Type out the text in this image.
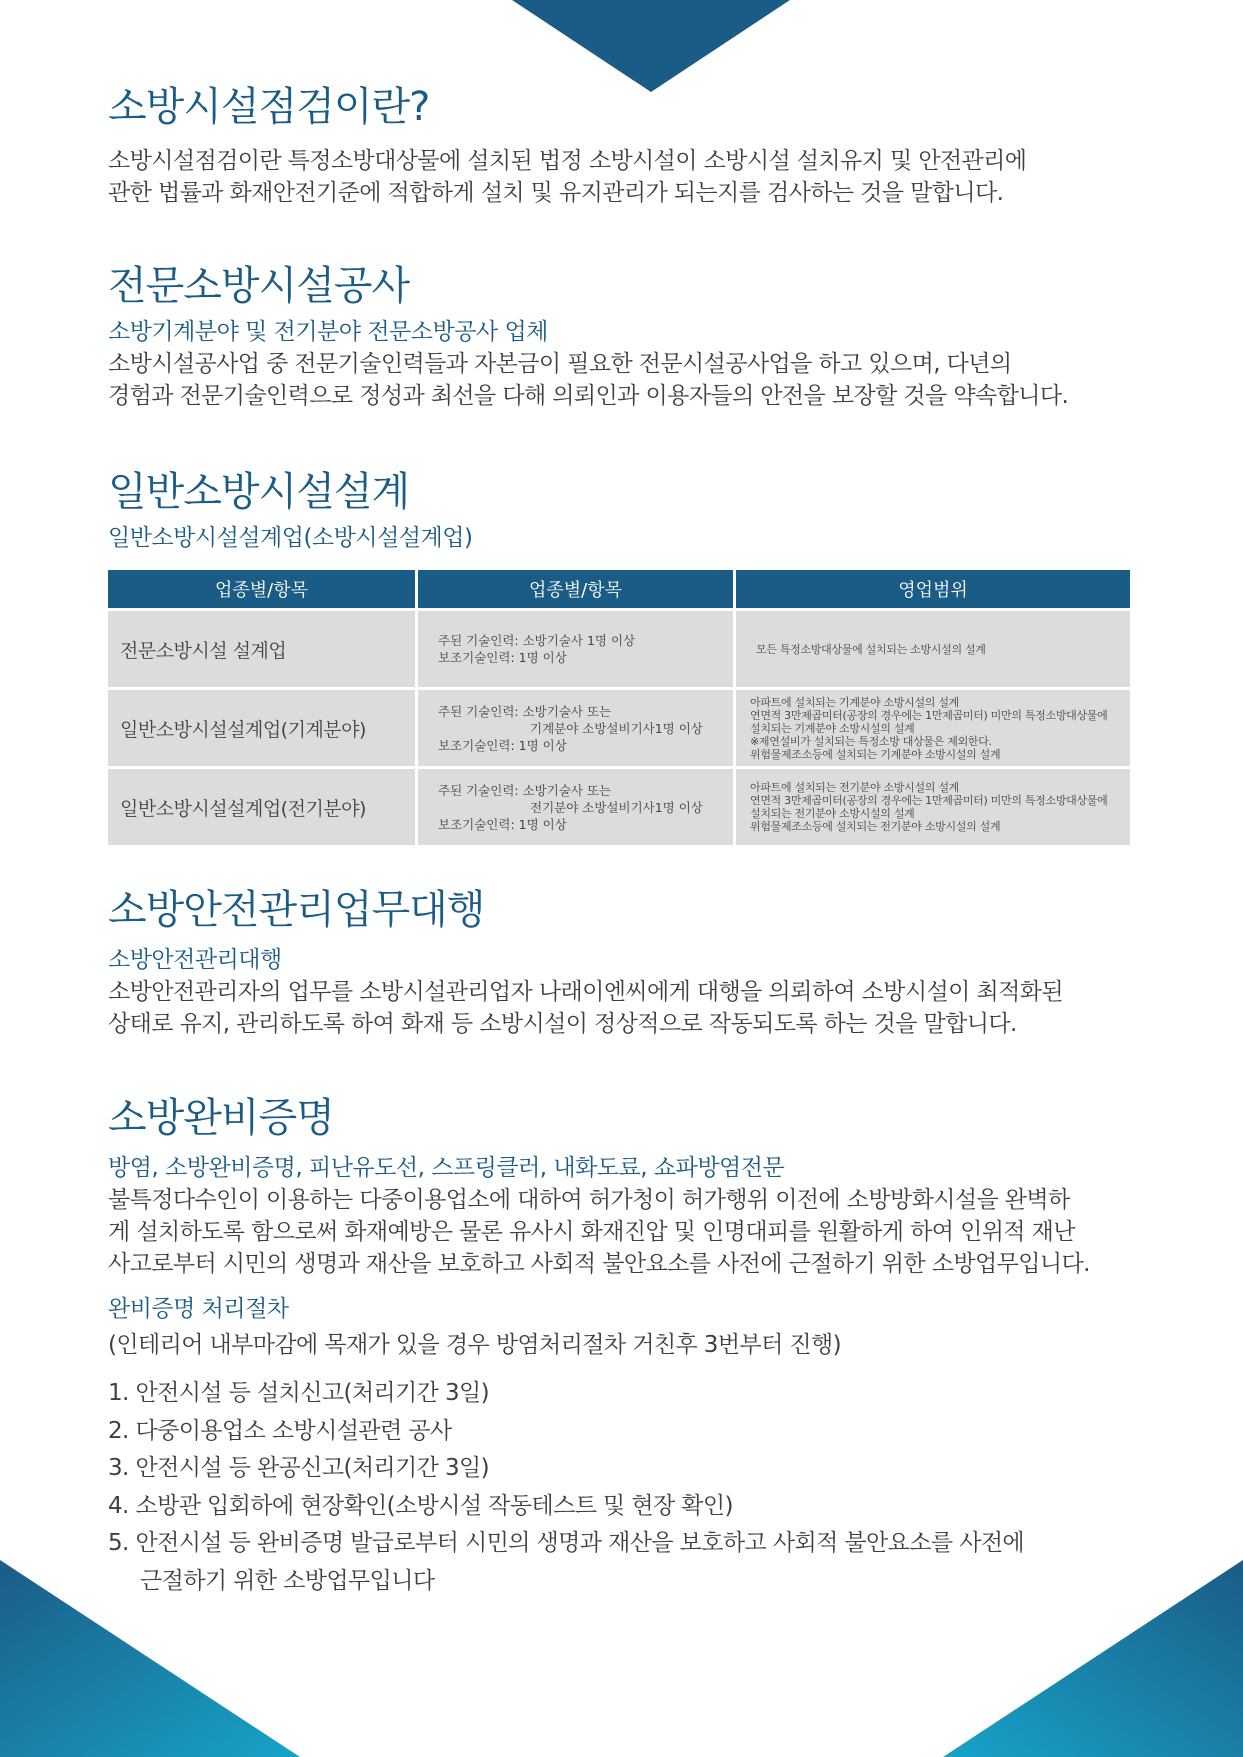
소방시설점검이란?

소방시설점검이란 특정소방대상물에 설치된 법정 소방시설이 소방시설 설치유지 및 안전관리에

관한 법률과 화재안전기준에 적합하게 설치 및 유지관리가 되는지를 검사하는 것을 말합니다.

전문소방시설공사
소방기계분야 및 전기분야 전문소방공사 업체

소방시설공사업 중 전문기술인력들과 자본금이 필요한 전문시설공사업을 하고 있으며, 다년의

경험과 전문기술인력으로 정성과 최선을 다해 의뢰인과 이용자들의 안전을 보장할 것을 약속합니다.

일반소방시설설계
일반소방시설설계업(소방시설설계업)
업종별/항목	업종별/항목	영업범위
전문소방시설 설계업	주된 기술인력: 소방기술사 1명 이상
보조기술인력: 1명 이상	모든 특정소방대상물에 설치되는 소방시설의 설계

일반소방시설설계업(기계분야)	주된 기술인력: 소방기술사 또는
기계분야 소방설비기사1명 이상
보조기술인력: 1명 이상	아파트에 설치되는 기계분야 소방시설의 설계
연면적 3만제곱미터(공장의 경우에는 1만제곱미터) 미만의 특정소방대상물에
설치되는 기계분야 소방시설의 설계
※제연설비가 설치되는 특정소방 대상물은 제외한다.
위험물제조소등에 설치되는 기계분야 소방시설의 설계

일반소방시설설계업(전기분야)	주된 기술인력: 소방기술사 또는
전기분야 소방설비기사1명 이상
보조기술인력: 1명 이상	아파트에 설치되는 전기분야 소방시설의 설계
연면적 3만제곱미터(공장의 경우에는 1만제곱미터) 미만의 특정소방대상물에
설치되는 전기분야 소방시설의 설계
위험물제조소등에 설치되는 전기분야 소방시설의 설계
소방안전관리업무대행
소방안전관리대행

소방안전관리자의 업무를 소방시설관리업자 나래이엔씨에게 대행을 의뢰하여 소방시설이 최적화된

상태로 유지, 관리하도록 하여 화재 등 소방시설이 정상적으로 작동되도록 하는 것을 말합니다.

소방완비증명
방염, 소방완비증명, 피난유도선, 스프링클러, 내화도료, 쇼파방염전문

불특정다수인이 이용하는 다중이용업소에 대하여 허가청이 허가행위 이전에 소방방화시설을 완벽하

게 설치하도록 함으로써 화재예방은 물론 유사시 화재진압 및 인명대피를 원활하게 하여 인위적 재난

사고로부터 시민의 생명과 재산을 보호하고 사회적 불안요소를 사전에 근절하기 위한 소방업무입니다.

완비증명 처리절차

(인테리어 내부마감에 목재가 있을 경우 방염처리절차 거친후 3번부터 진행)

1. 안전시설 등 설치신고(처리기간 3일)
2. 다중이용업소 소방시설관련 공사
3. 안전시설 등 완공신고(처리기간 3일)
4. 소방관 입회하에 현장확인(소방시설 작동테스트 및 현장 확인)
5. 안전시설 등 완비증명 발급로부터 시민의 생명과 재산을 보호하고 사회적 불안요소를 사전에
근절하기 위한 소방업무입니다
